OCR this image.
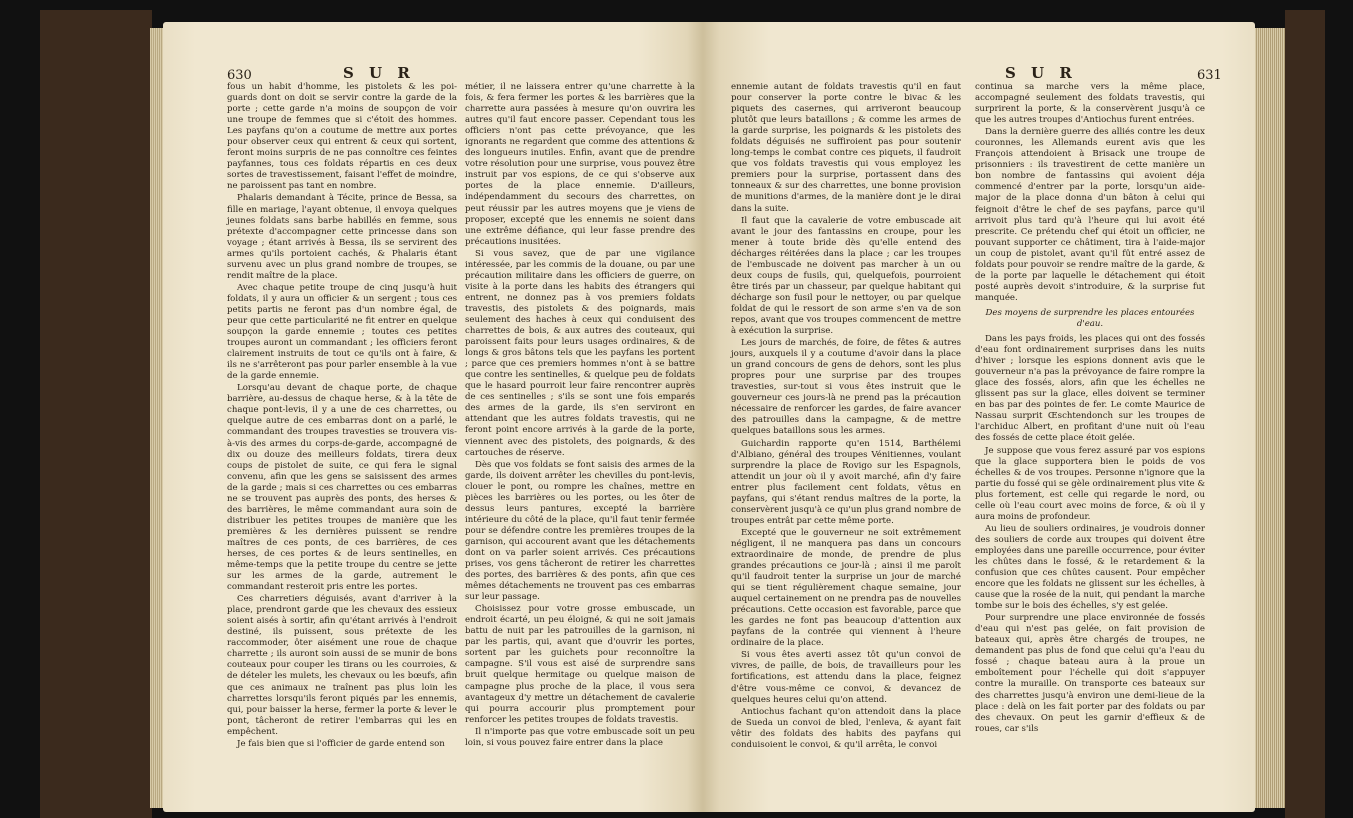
630	S U R

fous un habit d'homme, les pistolets & les poi-guards dont on doit se servir contre la garde de la porte ; cette garde n'a moins de soupçon de voir une troupe de femmes que si c'étoit des hommes. Les payfans qu'on a coutume de mettre aux portes pour observer ceux qui entrent & ceux qui sortent, feront moins surpris de ne pas connoître ces feintes payfannes, tous ces foldats répartis en ces deux sortes de travestissement, faisant l'effet de moindre, ne paroissent pas tant en nombre.

Phalaris demandant à Técite, prince de Bessa, sa fille en mariage, l'ayant obtenue, il envoya quelques jeunes foldats sans barbe habillés en femme, sous prétexte d'accompagner cette princesse dans son voyage ; étant arrivés à Bessa, ils se servirent des armes qu'ils portoient cachés, & Phalaris étant survenu avec un plus grand nombre de troupes, se rendit maître de la place.

Avec chaque petite troupe de cinq jusqu'à huit foldats, il y aura un officier & un sergent ; tous ces petits partis ne feront pas d'un nombre égal, de peur que cette particularité ne fit entrer en quelque soupçon la garde ennemie ; toutes ces petites troupes auront un commandant ; les officiers feront clairement instruits de tout ce qu'ils ont à faire, & ils ne s'arrêteront pas pour parler ensemble à la vue de la garde ennemie.

Lorsqu'au devant de chaque porte, de chaque barrière, au-dessus de chaque herse, & à la tête de chaque pont-levis, il y a une de ces charrettes, ou quelque autre de ces embarras dont on a parlé, le commandant des troupes travesties se trouvera vis-à-vis des armes du corps-de-garde, accompagné de dix ou douze des meilleurs foldats, tirera deux coups de pistolet de suite, ce qui fera le signal convenu, afin que les gens se saisissent des armes de la garde ; mais si ces charrettes ou ces embarras ne se trouvent pas auprès des ponts, des herses & des barrières, le même commandant aura soin de distribuer les petites troupes de manière que les premières & les dernières puissent se rendre maîtres de ces ponts, de ces barrières, de ces herses, de ces portes & de leurs sentinelles, en même-temps que la petite troupe du centre se jette sur les armes de la garde, autrement le commandant resteroit pris entre les portes.

Ces charretiers déguisés, avant d'arriver à la place, prendront garde que les chevaux des essieux soient aisés à sortir, afin qu'étant arrivés à l'endroit destiné, ils puissent, sous prétexte de les raccommoder, ôter aisément une roue de chaque charrette ; ils auront soin aussi de se munir de bons couteaux pour couper les tirans ou les courroies, & de dételer les mulets, les chevaux ou les bœufs, afin que ces animaux ne traînent pas plus loin les charrettes lorsqu'ils feront piqués par les ennemis, qui, pour baisser la herse, fermer la porte & lever le pont, tâcheront de retirer l'embarras qui les en empêchent.

Je fais bien que si l'officier de garde entend son

métier, il ne laissera entrer qu'une charrette à la fois, & fera fermer les portes & les barrières que la charrette aura passées à mesure qu'on ouvrira les autres qu'il faut encore passer. Cependant tous les officiers n'ont pas cette prévoyance, que les ignorants ne regardent que comme des attentions & des longueurs inutiles. Enfin, avant que de prendre votre résolution pour une surprise, vous pouvez être instruit par vos espions, de ce qui s'observe aux portes de la place ennemie. D'ailleurs, indépendamment du secours des charrettes, on peut réussir par les autres moyens que je viens de proposer, excepté que les ennemis ne soient dans une extrême défiance, qui leur fasse prendre des précautions inusitées.

Si vous savez, que de par une vigilance intéressée, par les commis de la douane, ou par une précaution militaire dans les officiers de guerre, on visite à la porte dans les habits des étrangers qui entrent, ne donnez pas à vos premiers foldats travestis, des pistolets & des poignards, mais seulement des haches à ceux qui conduisent des charrettes de bois, & aux autres des couteaux, qui paroissent faits pour leurs usages ordinaires, & de longs & gros bâtons tels que les payfans les portent ; parce que ces premiers hommes n'ont à se battre que contre les sentinelles, & quelque peu de foldats que le hasard pourroit leur faire rencontrer auprès de ces sentinelles ; s'ils se sont une fois emparés des armes de la garde, ils s'en serviront en attendant que les autres foldats travestis, qui ne feront point encore arrivés à la garde de la porte, viennent avec des pistolets, des poignards, & des cartouches de réserve.

Dès que vos foldats se font saisis des armes de la garde, ils doivent arrêter les chevilles du pont-levis, clouer le pont, ou rompre les chaînes, mettre en pièces les barrières ou les portes, ou les ôter de dessus leurs pantures, excepté la barrière intérieure du côté de la place, qu'il faut tenir fermée pour se défendre contre les premières troupes de la garnison, qui accourent avant que les détachements dont on va parler soient arrivés. Ces précautions prises, vos gens tâcheront de retirer les charrettes des portes, des barrières & des ponts, afin que ces mêmes détachements ne trouvent pas ces embarras sur leur passage.

Choisissez pour votre grosse embuscade, un endroit écarté, un peu éloigné, & qui ne soit jamais battu de nuit par les patrouilles de la garnison, ni par les partis, qui, avant que d'ouvrir les portes, sortent par les guichets pour reconnoître la campagne. S'il vous est aisé de surprendre sans bruit quelque hermitage ou quelque maison de campagne plus proche de la place, il vous sera avantageux d'y mettre un détachement de cavalerie qui pourra accourir plus promptement pour renforcer les petites troupes de foldats travestis.

Il n'importe pas que votre embuscade soit un peu loin, si vous pouvez faire entrer dans la place

S U R	631

ennemie autant de foldats travestis qu'il en faut pour conserver la porte contre le bivac & les piquets des casernes, qui arriveront beaucoup plutôt que leurs bataillons ; & comme les armes de la garde surprise, les poignards & les pistolets des foldats déguisés ne suffiroient pas pour soutenir long-temps le combat contre ces piquets, il faudroit que vos foldats travestis qui vous employez les premiers pour la surprise, portassent dans des tonneaux & sur des charrettes, une bonne provision de munitions d'armes, de la manière dont je le dirai dans la suite.

Il faut que la cavalerie de votre embuscade ait avant le jour des fantassins en croupe, pour les mener à toute bride dès qu'elle entend des décharges réitérées dans la place ; car les troupes de l'embuscade ne doivent pas marcher à un ou deux coups de fusils, qui, quelquefois, pourroient être tirés par un chasseur, par quelque habitant qui décharge son fusil pour le nettoyer, ou par quelque foldat de qui le ressort de son arme s'en va de son repos, avant que vos troupes commencent de mettre à exécution la surprise.

Les jours de marchés, de foire, de fêtes & autres jours, auxquels il y a coutume d'avoir dans la place un grand concours de gens de dehors, sont les plus propres pour une surprise par des troupes travesties, sur-tout si vous êtes instruit que le gouverneur ces jours-là ne prend pas la précaution nécessaire de renforcer les gardes, de faire avancer des patrouilles dans la campagne, & de mettre quelques bataillons sous les armes.

Guichardin rapporte qu'en 1514, Barthélemi d'Albiano, général des troupes Vénitiennes, voulant surprendre la place de Rovigo sur les Espagnols, attendit un jour où il y avoit marché, afin d'y faire entrer plus facilement cent foldats, vêtus en payfans, qui s'étant rendus maîtres de la porte, la conservèrent jusqu'à ce qu'un plus grand nombre de troupes entrât par cette même porte.

Excepté que le gouverneur ne soit extrêmement négligent, il ne manquera pas dans un concours extraordinaire de monde, de prendre de plus grandes précautions ce jour-là ; ainsi il me paroît qu'il faudroit tenter la surprise un jour de marché qui se tient régulièrement chaque semaine, jour auquel certainement on ne prendra pas de nouvelles précautions. Cette occasion est favorable, parce que les gardes ne font pas beaucoup d'attention aux payfans de la contrée qui viennent à l'heure ordinaire de la place.

Si vous êtes averti assez tôt qu'un convoi de vivres, de paille, de bois, de travailleurs pour les fortifications, est attendu dans la place, feignez d'être vous-même ce convoi, & devancez de quelques heures celui qu'on attend.

Antiochus fachant qu'on attendoit dans la place de Sueda un convoi de bled, l'enleva, & ayant fait vêtir des foldats des habits des payfans qui conduisoient le convoi, & qu'il arrêta, le convoi

continua sa marche vers la même place, accompagné seulement des foldats travestis, qui surprirent la porte, & la conservèrent jusqu'à ce que les autres troupes d'Antiochus furent entrées.

Dans la dernière guerre des alliés contre les deux couronnes, les Allemands eurent avis que les François attendoient à Brisack une troupe de prisonniers : ils travestirent de cette manière un bon nombre de fantassins qui avoient déja commencé d'entrer par la porte, lorsqu'un aide-major de la place donna d'un bâton à celui qui feignoit d'être le chef de ses payfans, parce qu'il arrivoit plus tard qu'à l'heure qui lui avoit été prescrite. Ce prétendu chef qui étoit un officier, ne pouvant supporter ce châtiment, tira à l'aide-major un coup de pistolet, avant qu'il fût entré assez de foldats pour pouvoir se rendre maître de la garde, & de la porte par laquelle le détachement qui étoit posté auprès devoit s'introduire, & la surprise fut manquée.

Des moyens de surprendre les places entourées d'eau.

Dans les pays froids, les places qui ont des fossés d'eau font ordinairement surprises dans les nuits d'hiver ; lorsque les espions donnent avis que le gouverneur n'a pas la prévoyance de faire rompre la glace des fossés, alors, afin que les échelles ne glissent pas sur la glace, elles doivent se terminer en bas par des pointes de fer. Le comte Maurice de Nassau surprit Œschtendonch sur les troupes de l'archiduc Albert, en profitant d'une nuit où l'eau des fossés de cette place étoit gelée.

Je suppose que vous ferez assuré par vos espions que la glace supportera bien le poids de vos échelles & de vos troupes. Personne n'ignore que la partie du fossé qui se gèle ordinairement plus vite & plus fortement, est celle qui regarde le nord, ou celle où l'eau court avec moins de force, & où il y aura moins de profondeur.

Au lieu de souliers ordinaires, je voudrois donner des souliers de corde aux troupes qui doivent être employées dans une pareille occurrence, pour éviter les chûtes dans le fossé, & le retardement & la confusion que ces chûtes causent. Pour empêcher encore que les foldats ne glissent sur les échelles, à cause que la rosée de la nuit, qui pendant la marche tombe sur le bois des échelles, s'y est gelée.

Pour surprendre une place environnée de fossés d'eau qui n'est pas gelée, on fait provision de bateaux qui, après être chargés de troupes, ne demandent pas plus de fond que celui qu'a l'eau du fossé ; chaque bateau aura à la proue un emboîtement pour l'échelle qui doit s'appuyer contre la muraille. On transporte ces bateaux sur des charrettes jusqu'à environ une demi-lieue de la place : delà on les fait porter par des foldats ou par des chevaux. On peut les garnir d'effieux & de roues, car s'ils
